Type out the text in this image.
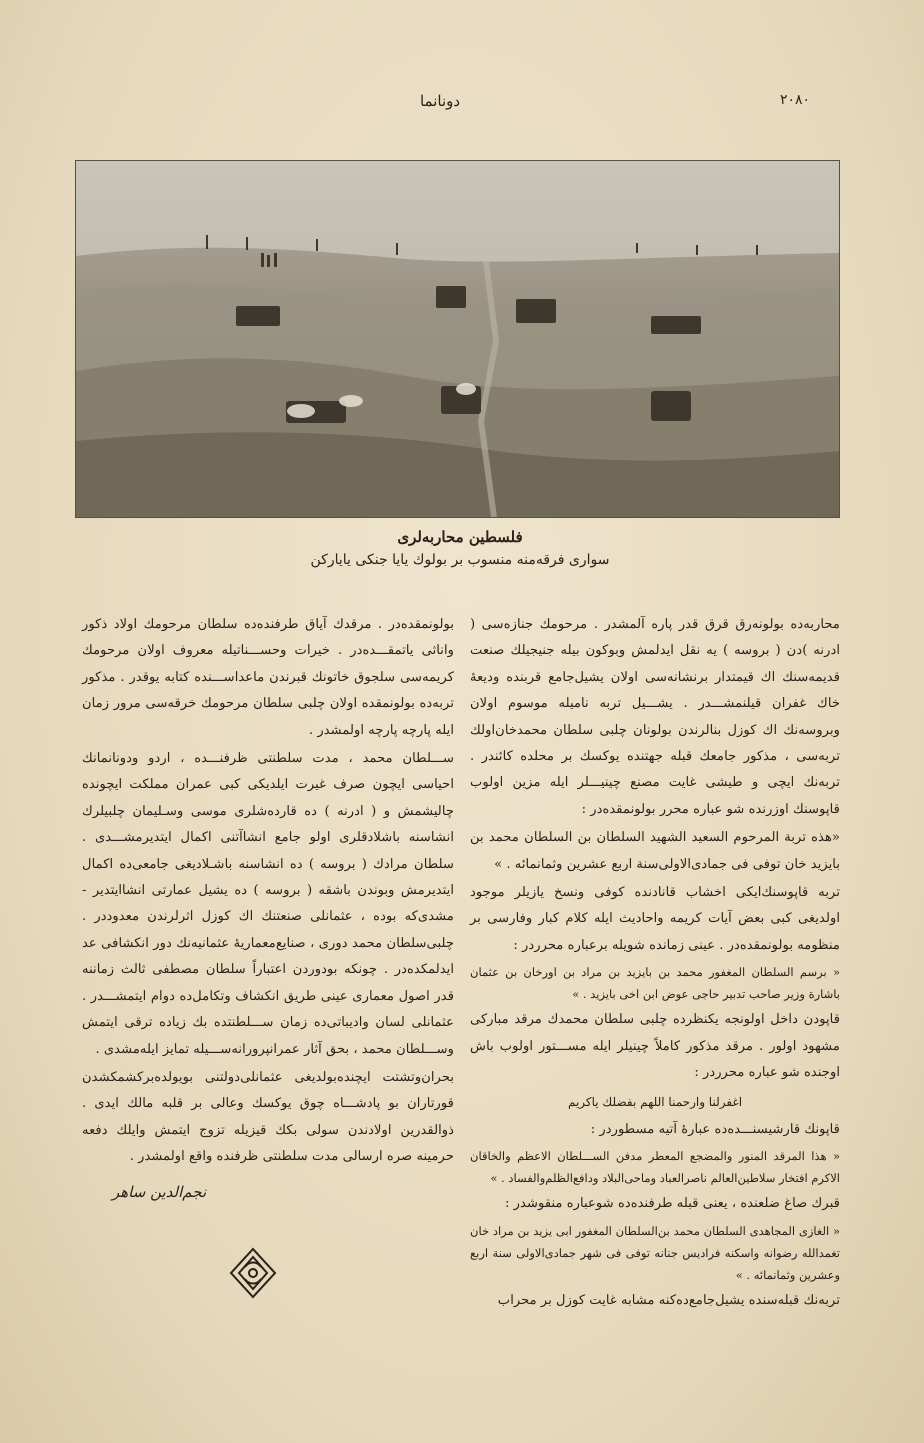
دونانما	٢٠٨٠
فلسطين محاربه‌لری
سواری فرقه‌منه منسوب بر بولوك يايا جنكى يايارکن

محاربه‌ده بولونه‌رق قرق قدر پاره آلمشدر . مرحومك جنازه‌سی ( ادرنه )دن ( بروسه ) يه نقل ايدلمش وبوكون بيله جنيجيلك صنعت قديمه‌سنك اك قيمتدار برنشانه‌سی اولان يشيل‌جامع قربنده وديعهٔ خاك غفران قيلنمشـــدر . يشـــيل تربه ناميله موسوم اولان وبروسه‌نك اك كوزل بنالرندن بولونان چلبی سلطان محمدخان‌اولك تربه‌سی ، مذكور جامعك قبله جهتنده يوكسك بر محلده كائندر . تربه‌نك ايچی و طيشی غايت مصنع چينيـــلر ايله مزين اولوب قاپوسنك اوزرنده شو عباره محرر بولونمقده‌در :

«هذه تربة المرحوم السعيد الشهيد السلطان بن السلطان محمد بن بايزيد خان توفى فى جمادى‌الاولى‌سنة اربع عشرين وثمانمائه . »

تربه قاپوسنك‌ايكی اخشاب قانادنده كوفی ونسخ يازيلر موجود اولديغی كبی بعض آيات كريمه واحاديث ايله كلام كبار وفارسی بر منظومه بولونمقده‌در . عينی زمانده شويله برعباره محرردر :

« برسم السلطان المغفور محمد بن بايزيد بن مراد بن اورخان بن عثمان باشارة وزير صاحب تدبير حاجی عوض ابن اخی بايزيد . »

قاپودن داخل اولونجه يكنظرده چلبی سلطان محمدك مرقد مباركی مشهود اولور . مرقد مذكور كاملاً چينيلر ايله مســـتور اولوب باش اوجنده شو عباره محرردر :

اغفرلنا وارحمنا اللهم بفضلك ياكريم

قاپونك قارشيسنـــده‌ده عبارهٔ آتيه مسطوردر :

« هذا المرقد المنور والمضجع المعطر مدفن الســـلطان الاعظم والخاقان الاكرم افتخار سلاطين‌العالم ناصرالعباد وماحى‌البلاد ودافع‌الظلم‌والفساد . »

قبرك صاغ ضلعنده ، يعنى قبله طرفنده‌ده شوعباره منقوشدر :

« الغازى المجاهدى السلطان محمد بن‌السلطان المغفور ابی يزيد بن مراد خان تغمدالله رضوانه واسكنه فراديس جنانه توفى فى شهر جمادى‌الاولى سنة اربع وعشرين وثمانمائه . »

تربه‌نك قبله‌سنده يشيل‌جامع‌ده‌كنه مشابه غايت كوزل بر محراب

بولونمقده‌در . مرقدك آياق طرفنده‌ده سلطان مرحومك اولاد ذكور واناثی ياتمقـــده‌در . خيرات وحســـناتيله معروف اولان مرحومك كريمه‌سی سلجوق خاتونك قبرندن ماعداســـنده كتابه يوقدر . مذكور تربه‌ده بولونمقده اولان چلبی سلطان مرحومك خرقه‌سی مرور زمان ايله پارچه پارچه اولمشدر .

ســـلطان محمد ، مدت سلطنتی ظرفنـــده ، اردو ودونانمانك احياسی ايچون صرف غيرت ايلديكی كبی عمران مملكت ايچونده چاليشمش و ( ادرنه ) ده قاردەشلری موسی وسـليمان چلبيلرك انشاسنه باشلادقلری اولو جامع انشاآتنی اكمال ايتديرمشـــدی . سلطان مرادك ( بروسه ) ده انشاسنه باشـلاديغی جامعی‌ده اكمال ايتديرمش وبوندن باشقه ( بروسه ) ده يشيل عمارتی انشاايتدير - مشدی‌كه بوده ، عثمانلی صنعتنك اك كوزل اثرلرندن معدوددر . چلبی‌سلطان محمد دوری ، صنايع‌معماريهٔ عثمانيه‌نك دور انكشافی عد ايدلمكده‌در . چونكه بودوردن اعتباراً سلطان مصطفى ثالث زماننه قدر اصول معمارى عينی طريق انكشاف وتكامل‌ده دوام ايتمشـــدر . عثمانلی لسان واديباتی‌ده زمان ســـلطنتده بك زياده ترقى ايتمش وســـلطان محمد ، بحق آثار عمرانپرورانه‌ســـيله تمايز ايلەمشدی .

بحران‌وتشتت ايچنده‌بولديغی عثمانلی‌دولتنی بويولده‌بركشمكشدن قورتاران بو پادشـــاه چوق يوكسك وعالی بر قلبه مالك ايدی . ذوالقدرين اولادندن سولی بكك قيزيله تزوج ايتمش وايلك دفعه حرمينه صره ارسالی مدت سلطنتی ظرفنده واقع اولمشدر .

نجم‌الدين ساهر
